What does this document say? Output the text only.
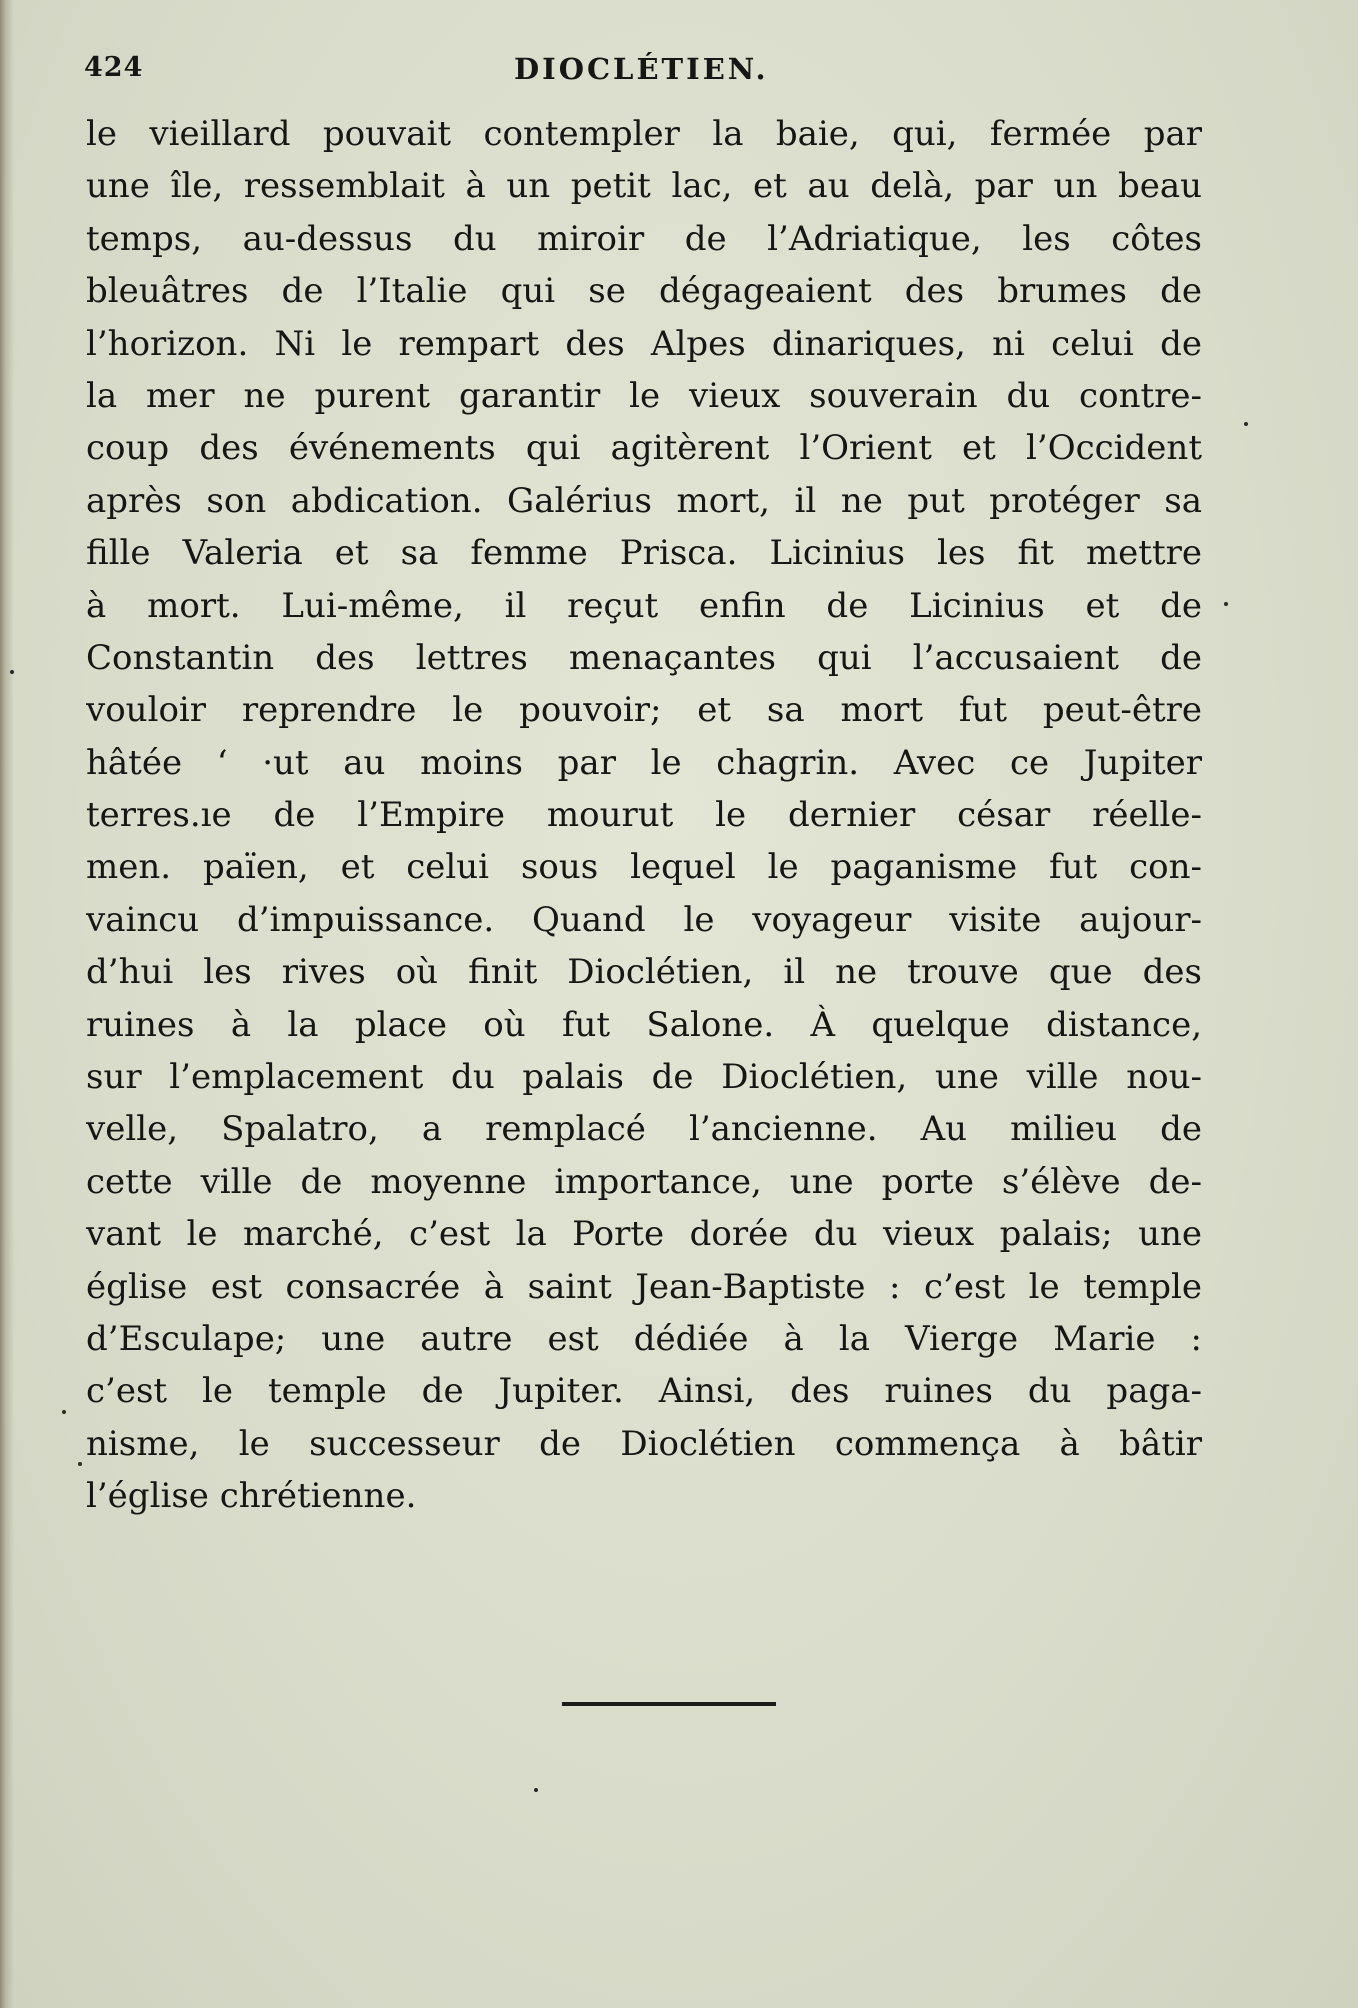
424	DIOCLÉTIEN.
le vieillard pouvait contempler la baie, qui, fermée par
une île, ressemblait à un petit lac, et au delà, par un beau
temps, au-dessus du miroir de l’Adriatique, les côtes
bleuâtres de l’Italie qui se dégageaient des brumes de
l’horizon. Ni le rempart des Alpes dinariques, ni celui de
la mer ne purent garantir le vieux souverain du contre-
coup des événements qui agitèrent l’Orient et l’Occident
après son abdication. Galérius mort, il ne put protéger sa
fille Valeria et sa femme Prisca. Licinius les fit mettre
à mort. Lui-même, il reçut enfin de Licinius et de
Constantin des lettres menaçantes qui l’accusaient de
vouloir reprendre le pouvoir; et sa mort fut peut-être
hâtée ‘ ·ut au moins par le chagrin. Avec ce Jupiter
terres.ıe de l’Empire mourut le dernier césar réelle-
men. païen, et celui sous lequel le paganisme fut con-
vaincu d’impuissance. Quand le voyageur visite aujour-
d’hui les rives où finit Dioclétien, il ne trouve que des
ruines à la place où fut Salone. À quelque distance,
sur l’emplacement du palais de Dioclétien, une ville nou-
velle, Spalatro, a remplacé l’ancienne. Au milieu de
cette ville de moyenne importance, une porte s’élève de-
vant le marché, c’est la Porte dorée du vieux palais; une
église est consacrée à saint Jean-Baptiste : c’est le temple
d’Esculape; une autre est dédiée à la Vierge Marie :
c’est le temple de Jupiter. Ainsi, des ruines du paga-
nisme, le successeur de Dioclétien commença à bâtir
l’église chrétienne.
